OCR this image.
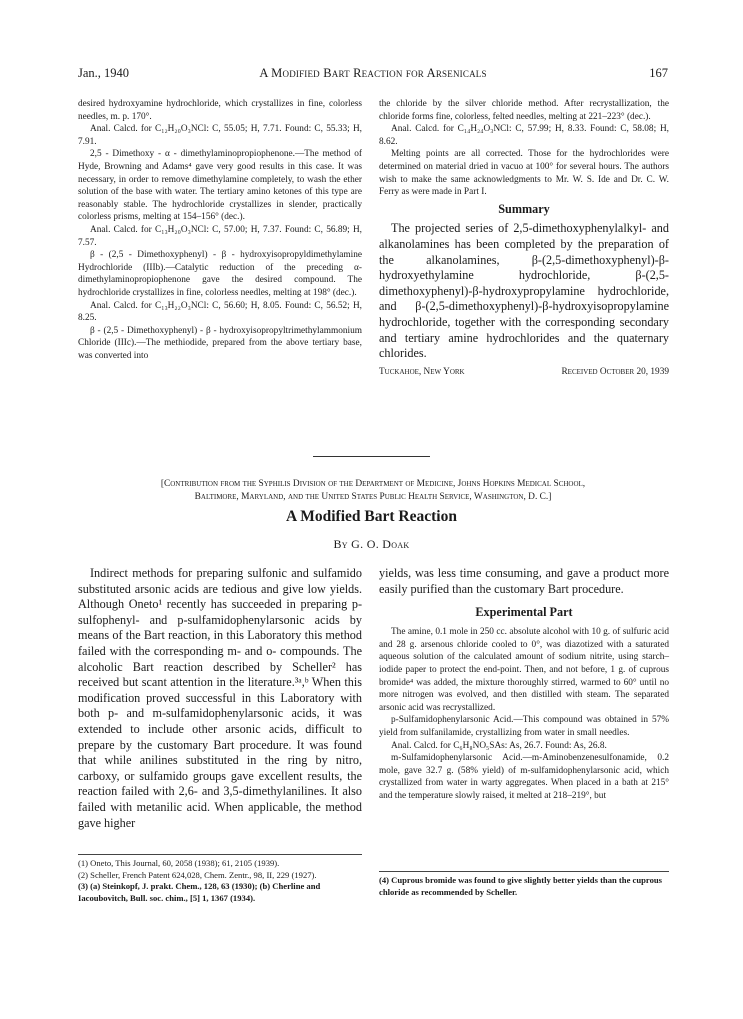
Jan., 1940	A Modified Bart Reaction for Arsenicals	167

desired hydroxyamine hydrochloride, which crystallizes in fine, colorless needles, m. p. 170°.

Anal. Calcd. for C₁₂H₂₀O₃NCl: C, 55.05; H, 7.71. Found: C, 55.33; H, 7.91.

2,5 - Dimethoxy - α - dimethylaminopropiophenone.—The method of Hyde, Browning and Adams⁴ gave very good results in this case. It was necessary, in order to remove dimethylamine completely, to wash the ether solution of the base with water. The tertiary amino ketones of this type are reasonably stable. The hydrochloride crystallizes in slender, practically colorless prisms, melting at 154–156° (dec.).

Anal. Calcd. for C₁₃H₂₀O₃NCl: C, 57.00; H, 7.37. Found: C, 56.89; H, 7.57.

β - (2,5 - Dimethoxyphenyl) - β - hydroxyisopropyldimethylamine Hydrochloride (IIIb).—Catalytic reduction of the preceding α-dimethylaminopropiophenone gave the desired compound. The hydrochloride crystallizes in fine, colorless needles, melting at 198° (dec.).

Anal. Calcd. for C₁₃H₂₂O₃NCl: C, 56.60; H, 8.05. Found: C, 56.52; H, 8.25.

β - (2,5 - Dimethoxyphenyl) - β - hydroxyisopropyltrimethylammonium Chloride (IIIc).—The methiodide, prepared from the above tertiary base, was converted into

the chloride by the silver chloride method. After recrystallization, the chloride forms fine, colorless, felted needles, melting at 221–223° (dec.).

Anal. Calcd. for C₁₄H₂₄O₃NCl: C, 57.99; H, 8.33. Found: C, 58.08; H, 8.62.

Melting points are all corrected. Those for the hydrochlorides were determined on material dried in vacuo at 100° for several hours. The authors wish to make the same acknowledgments to Mr. W. S. Ide and Dr. C. W. Ferry as were made in Part I.

Summary

The projected series of 2,5-dimethoxyphenylalkyl- and alkanolamines has been completed by the preparation of the alkanolamines, β-(2,5-dimethoxyphenyl)-β-hydroxyethylamine hydrochloride, β-(2,5-dimethoxyphenyl)-β-hydroxypropylamine hydrochloride, and β-(2,5-dimethoxyphenyl)-β-hydroxyisopropylamine hydrochloride, together with the corresponding secondary and tertiary amine hydrochlorides and the quaternary chlorides.

Tuckahoe, New York	Received October 20, 1939
[Contribution from the Syphilis Division of the Department of Medicine, Johns Hopkins Medical School,
Baltimore, Maryland, and the United States Public Health Service, Washington, D. C.]
A Modified Bart Reaction
By G. O. Doak

Indirect methods for preparing sulfonic and sulfamido substituted arsonic acids are tedious and give low yields. Although Oneto¹ recently has succeeded in preparing p-sulfophenyl- and p-sulfamidophenylarsonic acids by means of the Bart reaction, in this Laboratory this method failed with the corresponding m- and o- compounds. The alcoholic Bart reaction described by Scheller² has received but scant attention in the literature.³ᵃ,ᵇ When this modification proved successful in this Laboratory with both p- and m-sulfamidophenylarsonic acids, it was extended to include other arsonic acids, difficult to prepare by the customary Bart procedure. It was found that while anilines substituted in the ring by nitro, carboxy, or sulfamido groups gave excellent results, the reaction failed with 2,6- and 3,5-dimethylanilines. It also failed with metanilic acid. When applicable, the method gave higher

(1) Oneto, This Journal, 60, 2058 (1938); 61, 2105 (1939).

(2) Scheller, French Patent 624,028, Chem. Zentr., 98, II, 229 (1927).

(3) (a) Steinkopf, J. prakt. Chem., 128, 63 (1930); (b) Cherline and Iacoubovitch, Bull. soc. chim., [5] 1, 1367 (1934).

yields, was less time consuming, and gave a product more easily purified than the customary Bart procedure.

Experimental Part

The amine, 0.1 mole in 250 cc. absolute alcohol with 10 g. of sulfuric acid and 28 g. arsenous chloride cooled to 0°, was diazotized with a saturated aqueous solution of the calculated amount of sodium nitrite, using starch–iodide paper to protect the end-point. Then, and not before, 1 g. of cuprous bromide⁴ was added, the mixture thoroughly stirred, warmed to 60° until no more nitrogen was evolved, and then distilled with steam. The separated arsonic acid was recrystallized.

p-Sulfamidophenylarsonic Acid.—This compound was obtained in 57% yield from sulfanilamide, crystallizing from water in small needles.

Anal. Calcd. for C₆H₈NO₅SAs: As, 26.7. Found: As, 26.8.

m-Sulfamidophenylarsonic Acid.—m-Aminobenzenesulfonamide, 0.2 mole, gave 32.7 g. (58% yield) of m-sulfamidophenylarsonic acid, which crystallized from water in warty aggregates. When placed in a bath at 215° and the temperature slowly raised, it melted at 218–219°, but

(4) Cuprous bromide was found to give slightly better yields than the cuprous chloride as recommended by Scheller.
